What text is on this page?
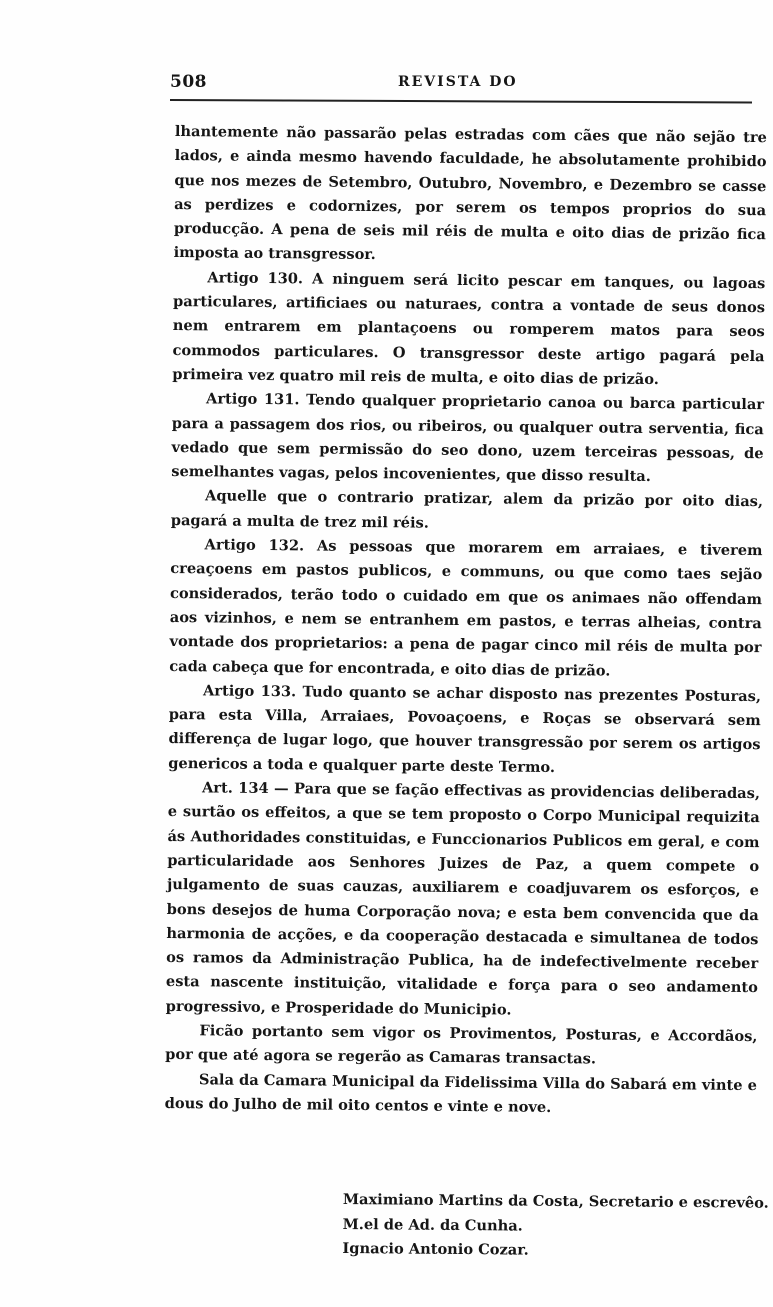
508	REVISTA DO

lhantemente não passarão pelas estradas com cães que não sejão tre lados, e ainda mesmo havendo faculdade, he absolutamente prohibido que nos mezes de Setembro, Outubro, Novembro, e Dezembro se casse as perdizes e codornizes, por serem os tempos proprios do sua producção. A pena de seis mil réis de multa e oito dias de prizão fica imposta ao transgressor.

Artigo 130. A ninguem será licito pescar em tanques, ou lagoas particulares, artificiaes ou naturaes, contra a vontade de seus donos nem entrarem em plantaçoens ou romperem matos para seos commodos particulares. O transgressor deste artigo pagará pela primeira vez quatro mil reis de multa, e oito dias de prizão.

Artigo 131. Tendo qualquer proprietario canoa ou barca particular para a passagem dos rios, ou ribeiros, ou qualquer outra serventia, fica vedado que sem permissão do seo dono, uzem terceiras pessoas, de semelhantes vagas, pelos incovenientes, que disso resulta.

Aquelle que o contrario pratizar, alem da prizão por oito dias, pagará a multa de trez mil réis.

Artigo 132. As pessoas que morarem em arraiaes, e tiverem creaçoens em pastos publicos, e communs, ou que como taes sejão considerados, terão todo o cuidado em que os animaes não offendam aos vizinhos, e nem se entranhem em pastos, e terras alheias, contra vontade dos proprietarios: a pena de pagar cinco mil réis de multa por cada cabeça que for encontrada, e oito dias de prizão.

Artigo 133. Tudo quanto se achar disposto nas prezentes Posturas, para esta Villa, Arraiaes, Povoaçoens, e Roças se observará sem differença de lugar logo, que houver transgressão por serem os artigos genericos a toda e qualquer parte deste Termo.

Art. 134 — Para que se fação effectivas as providencias deliberadas, e surtão os effeitos, a que se tem proposto o Corpo Municipal requizita ás Authoridades constituidas, e Funccionarios Publicos em geral, e com particularidade aos Senhores Juizes de Paz, a quem compete o julgamento de suas cauzas, auxiliarem e coadjuvarem os esforços, e bons desejos de huma Corporação nova; e esta bem convencida que da harmonia de acções, e da cooperação destacada e simultanea de todos os ramos da Administração Publica, ha de indefectivelmente receber esta nascente instituição, vitalidade e força para o seo andamento progressivo, e Prosperidade do Municipio.

Ficão portanto sem vigor os Provimentos, Posturas, e Accordãos, por que até agora se regerão as Camaras transactas.

Sala da Camara Municipal da Fidelissima Villa do Sabará em vinte e dous do Julho de mil oito centos e vinte e nove.

Maximiano Martins da Costa, Secretario e escrevêo.
M.el de Ad. da Cunha.
Ignacio Antonio Cozar.
